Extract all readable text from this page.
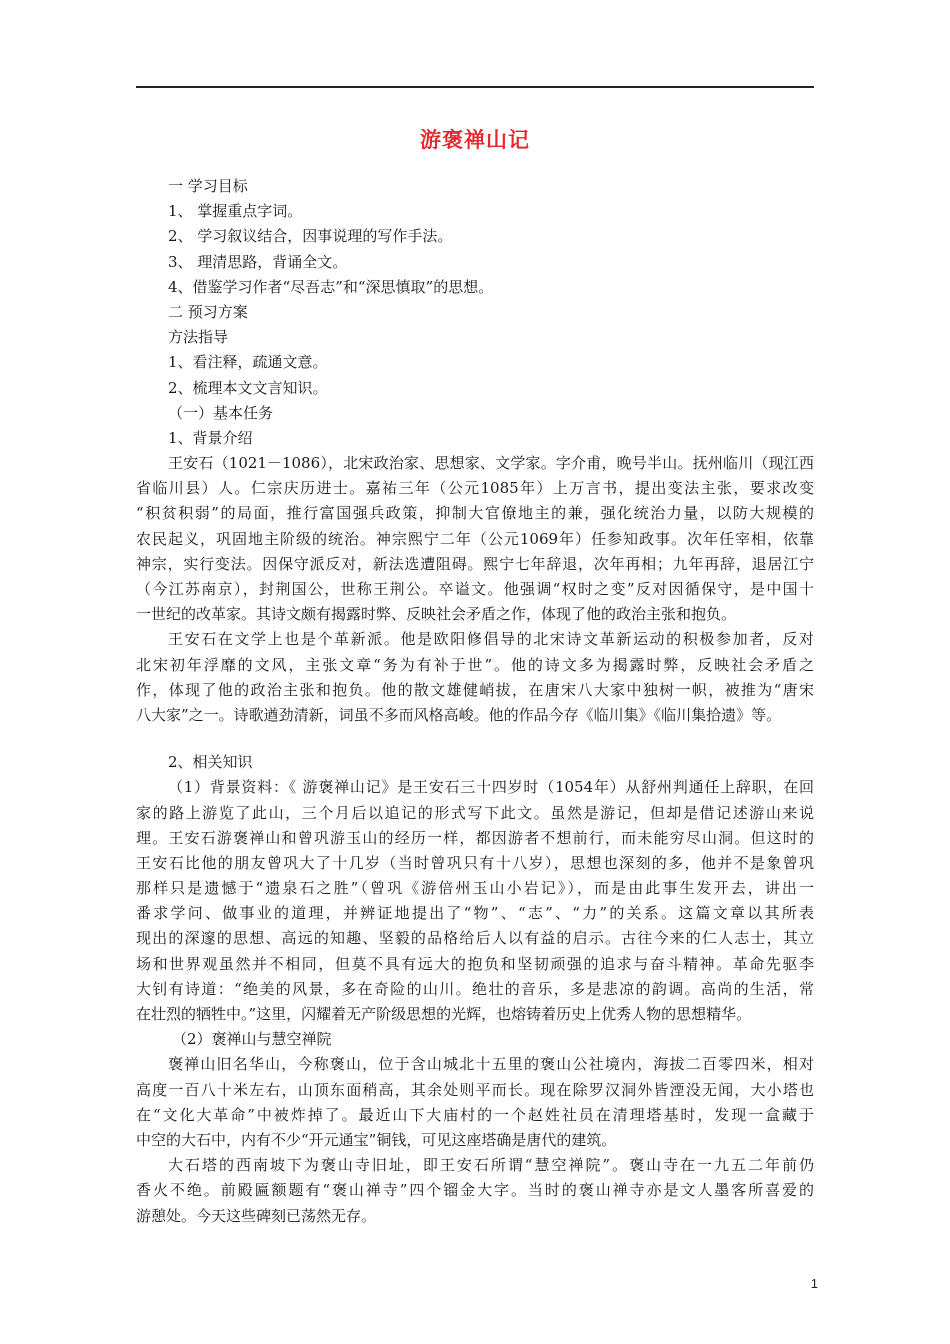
游褒禅山记
一 学习目标
1、 掌握重点字词。
2、 学习叙议结合，因事说理的写作手法。
3、 理清思路，背诵全文。
4、借鉴学习作者“尽吾志”和“深思慎取”的思想。
二 预习方案
方法指导
1、看注释，疏通文意。
2、梳理本文文言知识。
（一）基本任务
1、背景介绍
王安石（1021－1086），北宋政治家、思想家、文学家。字介甫，晚号半山。抚州临川（现江西
省临川县）人。仁宗庆历进士。嘉祐三年（公元1085年）上万言书，提出变法主张，要求改变
“积贫积弱”的局面，推行富国强兵政策，抑制大官僚地主的兼，强化统治力量，以防大规模的
农民起义，巩固地主阶级的统治。神宗熙宁二年（公元1069年）任参知政事。次年任宰相，依靠
神宗，实行变法。因保守派反对，新法选遭阻碍。熙宁七年辞退，次年再相；九年再辞，退居江宁
（今江苏南京），封荆国公，世称王荆公。卒谥文。他强调“权时之变”反对因循保守，是中国十
一世纪的改革家。其诗文颇有揭露时弊、反映社会矛盾之作，体现了他的政治主张和抱负。
王安石在文学上也是个革新派。他是欧阳修倡导的北宋诗文革新运动的积极参加者，反对
北宋初年浮靡的文风，主张文章“务为有补于世”。他的诗文多为揭露时弊，反映社会矛盾之
作，体现了他的政治主张和抱负。他的散文雄健峭拔，在唐宋八大家中独树一帜，被推为“唐宋
八大家”之一。诗歌遒劲清新，词虽不多而风格高峻。他的作品今存《临川集》《临川集拾遗》等。
2、相关知识
（1）背景资料：《 游褒禅山记》是王安石三十四岁时（1054年）从舒州判通任上辞职，在回
家的路上游览了此山，三个月后以追记的形式写下此文。虽然是游记，但却是借记述游山来说
理。王安石游褒禅山和曾巩游玉山的经历一样，都因游者不想前行，而未能穷尽山洞。但这时的
王安石比他的朋友曾巩大了十几岁（当时曾巩只有十八岁），思想也深刻的多，他并不是象曾巩
那样只是遗憾于“遗泉石之胜”（曾巩《游倍州玉山小岩记》），而是由此事生发开去，讲出一
番求学问、做事业的道理，并辨证地提出了“物”、“志”、“力”的关系。这篇文章以其所表
现出的深邃的思想、高远的知趣、坚毅的品格给后人以有益的启示。古往今来的仁人志士，其立
场和世界观虽然并不相同，但莫不具有远大的抱负和坚韧顽强的追求与奋斗精神。革命先驱李
大钊有诗道：“绝美的风景，多在奇险的山川。绝壮的音乐，多是悲凉的韵调。高尚的生活，常
在壮烈的牺牲中。”这里，闪耀着无产阶级思想的光辉，也熔铸着历史上优秀人物的思想精华。
（2）褒禅山与慧空禅院
褒禅山旧名华山，今称褒山，位于含山城北十五里的褒山公社境内，海拔二百零四米，相对
高度一百八十米左右，山顶东面稍高，其余处则平而长。现在除罗汉洞外皆湮没无闻，大小塔也
在“文化大革命”中被炸掉了。最近山下大庙村的一个赵姓社员在清理塔基时，发现一盒藏于
中空的大石中，内有不少“开元通宝”铜钱，可见这座塔确是唐代的建筑。
大石塔的西南坡下为褒山寺旧址，即王安石所谓“慧空禅院”。褒山寺在一九五二年前仍
香火不绝。前殿匾额题有“褒山禅寺”四个镏金大字。当时的褒山禅寺亦是文人墨客所喜爱的
游憩处。今天这些碑刻已荡然无存。
1
